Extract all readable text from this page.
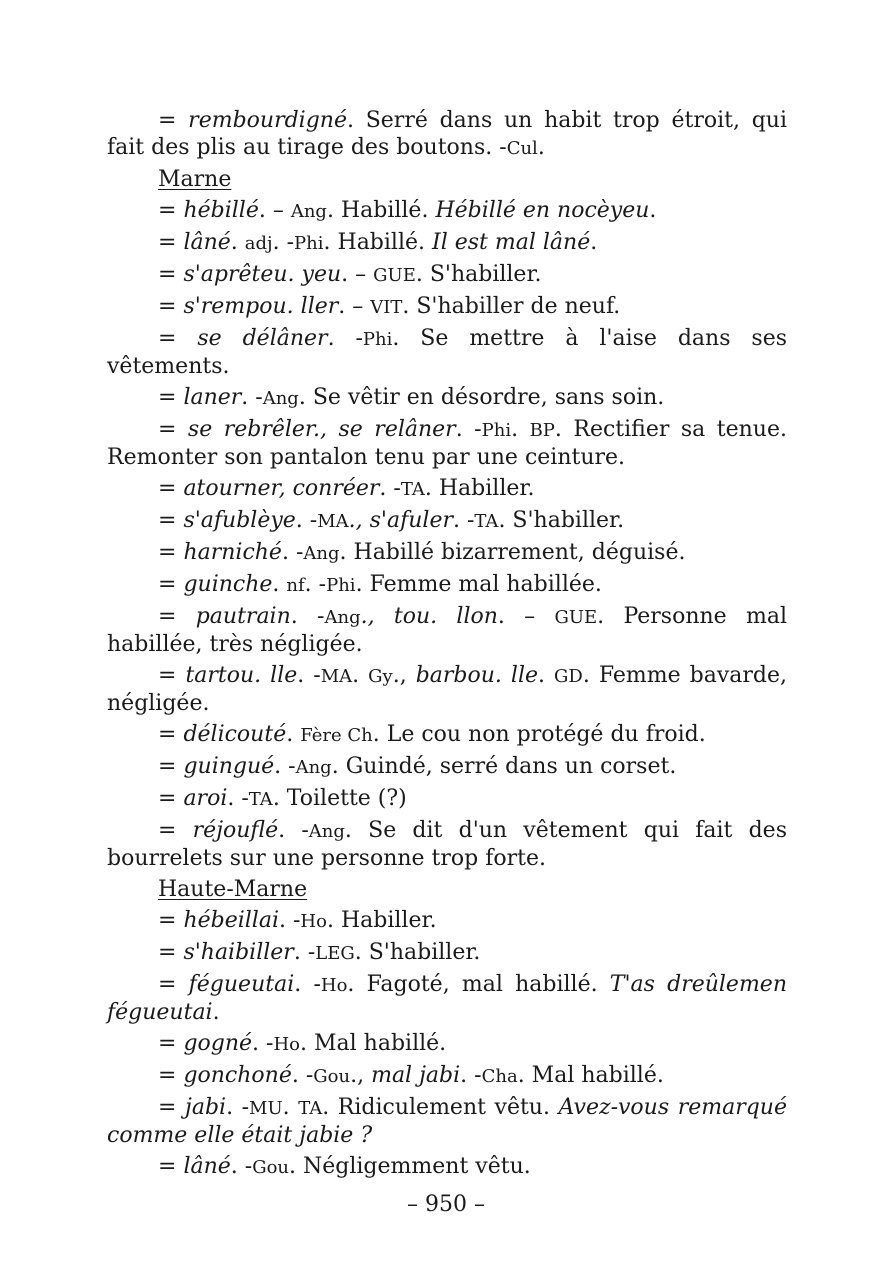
= rembourdigné. Serré dans un habit trop étroit, qui fait des plis au tirage des boutons. -Cul.
Marne
= hébillé. – Ang. Habillé. Hébillé en nocèyeu.
= lâné. adj. -Phi. Habillé. Il est mal lâné.
= s'aprêteu. yeu. – GUE. S'habiller.
= s'rempou. ller. – VIT. S'habiller de neuf.
= se délâner. -Phi. Se mettre à l'aise dans ses vêtements.
= laner. -Ang. Se vêtir en désordre, sans soin.
= se rebrêler., se relâner. -Phi. BP. Rectifier sa tenue. Remonter son pantalon tenu par une ceinture.
= atourner, conréer. -TA. Habiller.
= s'afublèye. -MA., s'afuler. -TA. S'habiller.
= harniché. -Ang. Habillé bizarrement, déguisé.
= guinche. nf. -Phi. Femme mal habillée.
= pautrain. -Ang., tou. llon. – GUE. Personne mal habillée, très négligée.
= tartou. lle. -MA. Gy., barbou. lle. GD. Femme bavarde, négligée.
= délicouté. Fère Ch. Le cou non protégé du froid.
= guingué. -Ang. Guindé, serré dans un corset.
= aroi. -TA. Toilette (?)
= réjouflé. -Ang. Se dit d'un vêtement qui fait des bourrelets sur une personne trop forte.
Haute-Marne
= hébeillai. -Ho. Habiller.
= s'haibiller. -LEG. S'habiller.
= fégueutai. -Ho. Fagoté, mal habillé. T'as dreûlemen fégueutai.
= gogné. -Ho. Mal habillé.
= gonchoné. -Gou., mal jabi. -Cha. Mal habillé.
= jabi. -MU. TA. Ridiculement vêtu. Avez-vous remarqué comme elle était jabie ?
= lâné. -Gou. Négligemment vêtu.
– 950 –
